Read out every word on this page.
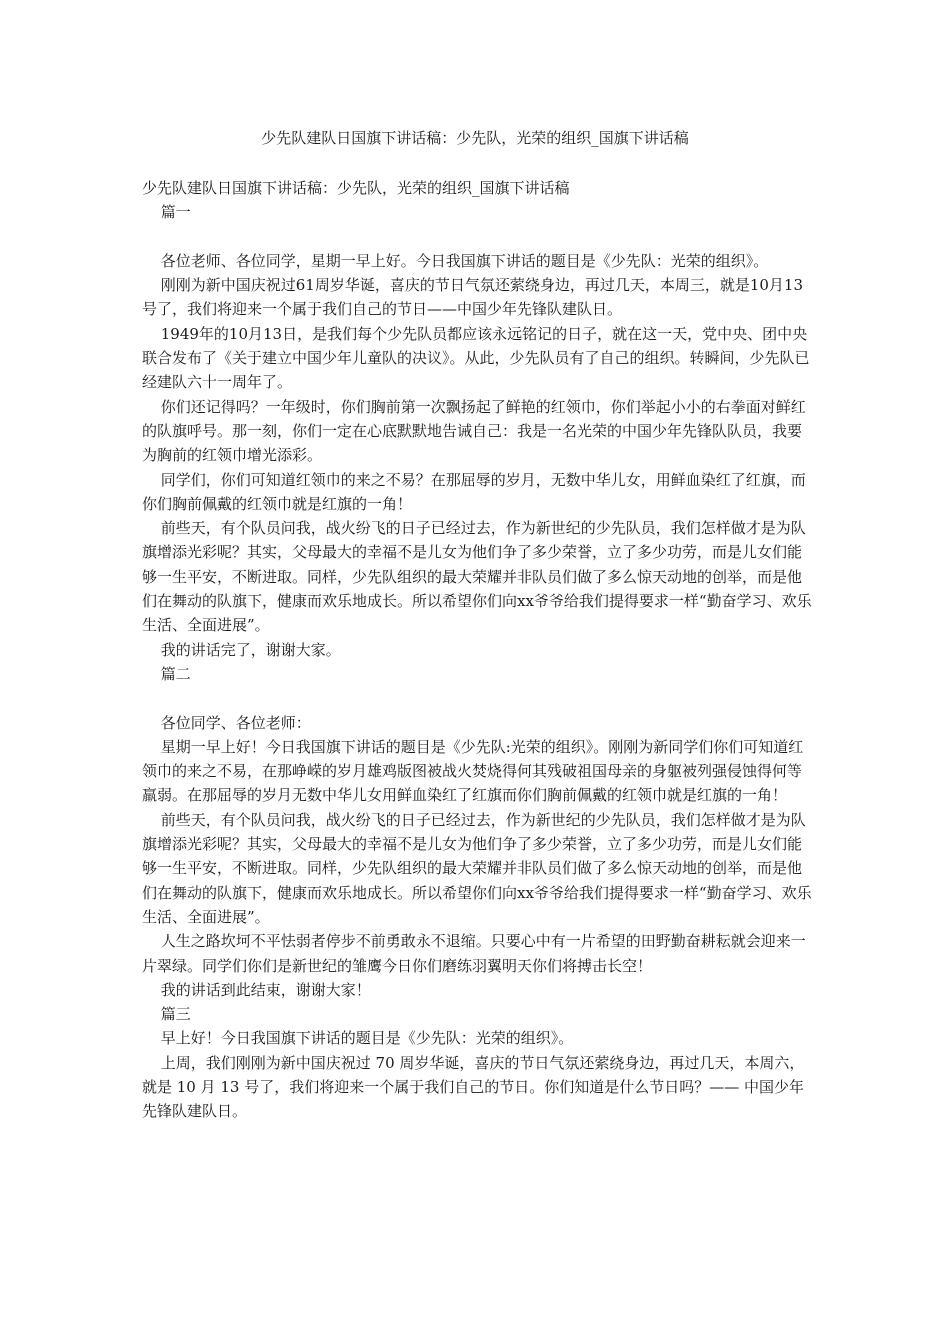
少先队建队日国旗下讲话稿：少先队，光荣的组织_国旗下讲话稿

少先队建队日国旗下讲话稿：少先队，光荣的组织_国旗下讲话稿

篇一

各位老师、各位同学，星期一早上好。今日我国旗下讲话的题目是《少先队：光荣的组织》。

刚刚为新中国庆祝过61周岁华诞，喜庆的节日气氛还萦绕身边，再过几天，本周三，就是10月13号了，我们将迎来一个属于我们自己的节日——中国少年先锋队建队日。

1949年的10月13日，是我们每个少先队员都应该永远铭记的日子，就在这一天，党中央、团中央联合发布了《关于建立中国少年儿童队的决议》。从此，少先队员有了自己的组织。转瞬间，少先队已经建队六十一周年了。

你们还记得吗？一年级时，你们胸前第一次飘扬起了鲜艳的红领巾，你们举起小小的右拳面对鲜红的队旗呼号。那一刻，你们一定在心底默默地告诫自己：我是一名光荣的中国少年先锋队队员，我要为胸前的红领巾增光添彩。

同学们，你们可知道红领巾的来之不易？在那屈辱的岁月，无数中华儿女，用鲜血染红了红旗，而你们胸前佩戴的红领巾就是红旗的一角！

前些天，有个队员问我，战火纷飞的日子已经过去，作为新世纪的少先队员，我们怎样做才是为队旗增添光彩呢？其实，父母最大的幸福不是儿女为他们争了多少荣誉，立了多少功劳，而是儿女们能够一生平安，不断进取。同样，少先队组织的最大荣耀并非队员们做了多么惊天动地的创举，而是他们在舞动的队旗下，健康而欢乐地成长。所以希望你们向xx爷爷给我们提得要求一样“勤奋学习、欢乐生活、全面进展”。

我的讲话完了，谢谢大家。

篇二

各位同学、各位老师：

星期一早上好！今日我国旗下讲话的题目是《少先队:光荣的组织》。刚刚为新同学们你们可知道红领巾的来之不易，在那峥嵘的岁月雄鸡版图被战火焚烧得何其残破祖国母亲的身躯被列强侵蚀得何等羸弱。在那屈辱的岁月无数中华儿女用鲜血染红了红旗而你们胸前佩戴的红领巾就是红旗的一角！

前些天，有个队员问我，战火纷飞的日子已经过去，作为新世纪的少先队员，我们怎样做才是为队旗增添光彩呢？其实，父母最大的幸福不是儿女为他们争了多少荣誉，立了多少功劳，而是儿女们能够一生平安，不断进取。同样，少先队组织的最大荣耀并非队员们做了多么惊天动地的创举，而是他们在舞动的队旗下，健康而欢乐地成长。所以希望你们向xx爷爷给我们提得要求一样“勤奋学习、欢乐生活、全面进展”。

人生之路坎坷不平怯弱者停步不前勇敢永不退缩。只要心中有一片希望的田野勤奋耕耘就会迎来一片翠绿。同学们你们是新世纪的雏鹰今日你们磨练羽翼明天你们将搏击长空！

我的讲话到此结束，谢谢大家！

篇三

早上好！今日我国旗下讲话的题目是《少先队：光荣的组织》。

上周，我们刚刚为新中国庆祝过 70 周岁华诞，喜庆的节日气氛还萦绕身边，再过几天，本周六，就是 10 月 13 号了，我们将迎来一个属于我们自己的节日。你们知道是什么节日吗？—— 中国少年先锋队建队日。
